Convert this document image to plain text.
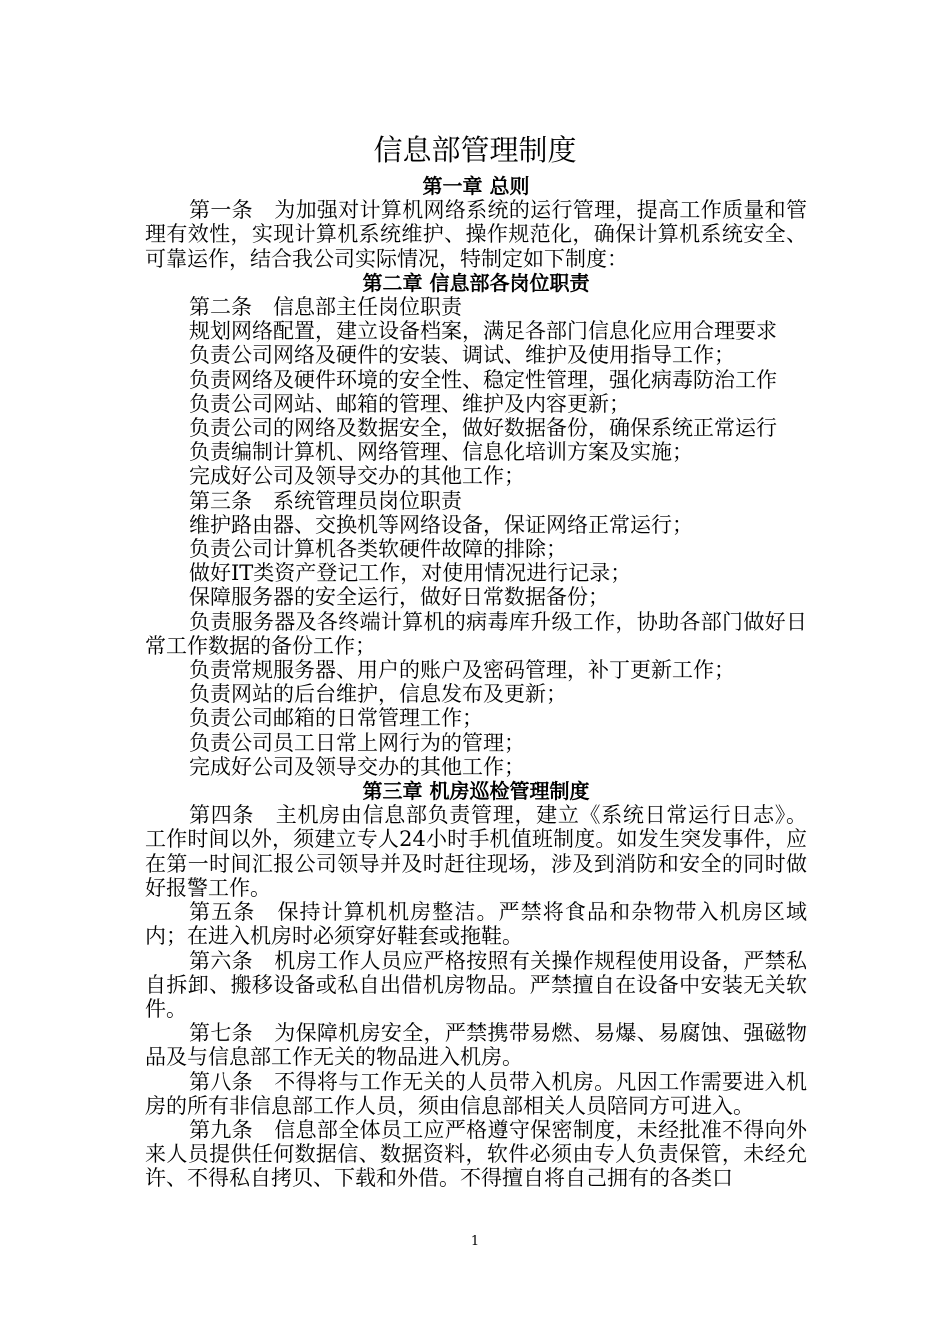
信息部管理制度
第一章 总则

第一条　为加强对计算机网络系统的运行管理，提高工作质量和管理有效性，实现计算机系统维护、操作规范化，确保计算机系统安全、可靠运作，结合我公司实际情况，特制定如下制度：

第二章 信息部各岗位职责

第二条　信息部主任岗位职责

规划网络配置，建立设备档案，满足各部门信息化应用合理要求

负责公司网络及硬件的安装、调试、维护及使用指导工作；

负责网络及硬件环境的安全性、稳定性管理，强化病毒防治工作

负责公司网站、邮箱的管理、维护及内容更新；

负责公司的网络及数据安全，做好数据备份，确保系统正常运行

负责编制计算机、网络管理、信息化培训方案及实施；

完成好公司及领导交办的其他工作；

第三条　系统管理员岗位职责

维护路由器、交换机等网络设备，保证网络正常运行；

负责公司计算机各类软硬件故障的排除；

做好IT类资产登记工作，对使用情况进行记录；

保障服务器的安全运行，做好日常数据备份；

负责服务器及各终端计算机的病毒库升级工作，协助各部门做好日常工作数据的备份工作；

负责常规服务器、用户的账户及密码管理，补丁更新工作；

负责网站的后台维护，信息发布及更新；

负责公司邮箱的日常管理工作；

负责公司员工日常上网行为的管理；

完成好公司及领导交办的其他工作；

第三章 机房巡检管理制度

第四条　主机房由信息部负责管理，建立《系统日常运行日志》。工作时间以外，须建立专人24小时手机值班制度。如发生突发事件，应在第一时间汇报公司领导并及时赶往现场，涉及到消防和安全的同时做好报警工作。

第五条　保持计算机机房整洁。严禁将食品和杂物带入机房区域内；在进入机房时必须穿好鞋套或拖鞋。

第六条　机房工作人员应严格按照有关操作规程使用设备，严禁私自拆卸、搬移设备或私自出借机房物品。严禁擅自在设备中安装无关软件。

第七条　为保障机房安全，严禁携带易燃、易爆、易腐蚀、强磁物品及与信息部工作无关的物品进入机房。

第八条　不得将与工作无关的人员带入机房。凡因工作需要进入机房的所有非信息部工作人员，须由信息部相关人员陪同方可进入。

第九条　信息部全体员工应严格遵守保密制度，未经批准不得向外来人员提供任何数据信、数据资料，软件必须由专人负责保管，未经允许、不得私自拷贝、下载和外借。不得擅自将自己拥有的各类口

1
